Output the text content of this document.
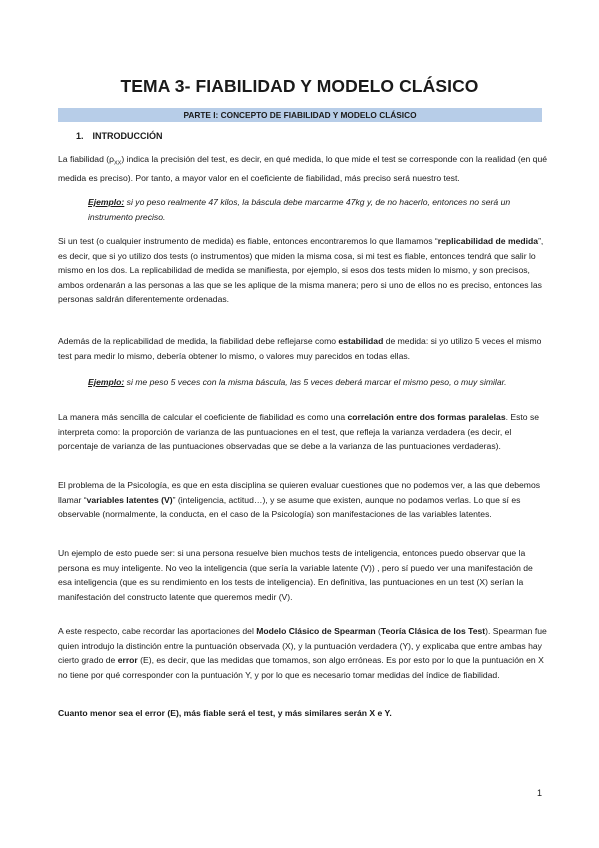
TEMA 3- FIABILIDAD Y MODELO CLÁSICO
PARTE I: CONCEPTO DE FIABILIDAD Y MODELO CLÁSICO
1. INTRODUCCIÓN

La fiabilidad $(\rho_{XX})$ indica la precisión del test, es decir, en qué medida, lo que mide el test se corresponde con la realidad (en qué medida es preciso). Por tanto, a mayor valor en el coeficiente de fiabilidad, más preciso será nuestro test.

Ejemplo: si yo peso realmente 47 kilos, la báscula debe marcarme 47kg y, de no hacerlo, entonces no será un instrumento preciso.

Si un test (o cualquier instrumento de medida) es fiable, entonces encontraremos lo que llamamos “replicabilidad de medida”, es decir, que si yo utilizo dos tests (o instrumentos) que miden la misma cosa, si mi test es fiable, entonces tendrá que salir lo mismo en los dos. La replicabilidad de medida se manifiesta, por ejemplo, si esos dos tests miden lo mismo, y son precisos, ambos ordenarán a las personas a las que se les aplique de la misma manera; pero si uno de ellos no es preciso, entonces las personas saldrán diferentemente ordenadas.

Además de la replicabilidad de medida, la fiabilidad debe reflejarse como estabilidad de medida: si yo utilizo 5 veces el mismo test para medir lo mismo, debería obtener lo mismo, o valores muy parecidos en todas ellas.

Ejemplo: si me peso 5 veces con la misma báscula, las 5 veces deberá marcar el mismo peso, o muy similar.

La manera más sencilla de calcular el coeficiente de fiabilidad es como una correlación entre dos formas paralelas. Esto se interpreta como: la proporción de varianza de las puntuaciones en el test, que refleja la varianza verdadera (es decir, el porcentaje de varianza de las puntuaciones observadas que se debe a la varianza de las puntuaciones verdaderas).

El problema de la Psicología, es que en esta disciplina se quieren evaluar cuestiones que no podemos ver, a las que debemos llamar “variables latentes (V)” (inteligencia, actitud…), y se asume que existen, aunque no podamos verlas. Lo que sí es observable (normalmente, la conducta, en el caso de la Psicología) son manifestaciones de las variables latentes.

Un ejemplo de esto puede ser: si una persona resuelve bien muchos tests de inteligencia, entonces puedo observar que la persona es muy inteligente. No veo la inteligencia (que sería la variable latente (V)) , pero sí puedo ver una manifestación de esa inteligencia (que es su rendimiento en los tests de inteligencia). En definitiva, las puntuaciones en un test (X) serían la manifestación del constructo latente que queremos medir (V).

A este respecto, cabe recordar las aportaciones del Modelo Clásico de Spearman (Teoría Clásica de los Test). Spearman fue quien introdujo la distinción entre la puntuación observada (X), y la puntuación verdadera (Y), y explicaba que entre ambas hay cierto grado de error (E), es decir, que las medidas que tomamos, son algo erróneas. Es por esto por lo que la puntuación en X no tiene por qué corresponder con la puntuación Y, y por lo que es necesario tomar medidas del índice de fiabilidad.

Cuanto menor sea el error (E), más fiable será el test, y más similares serán X e Y.

1
